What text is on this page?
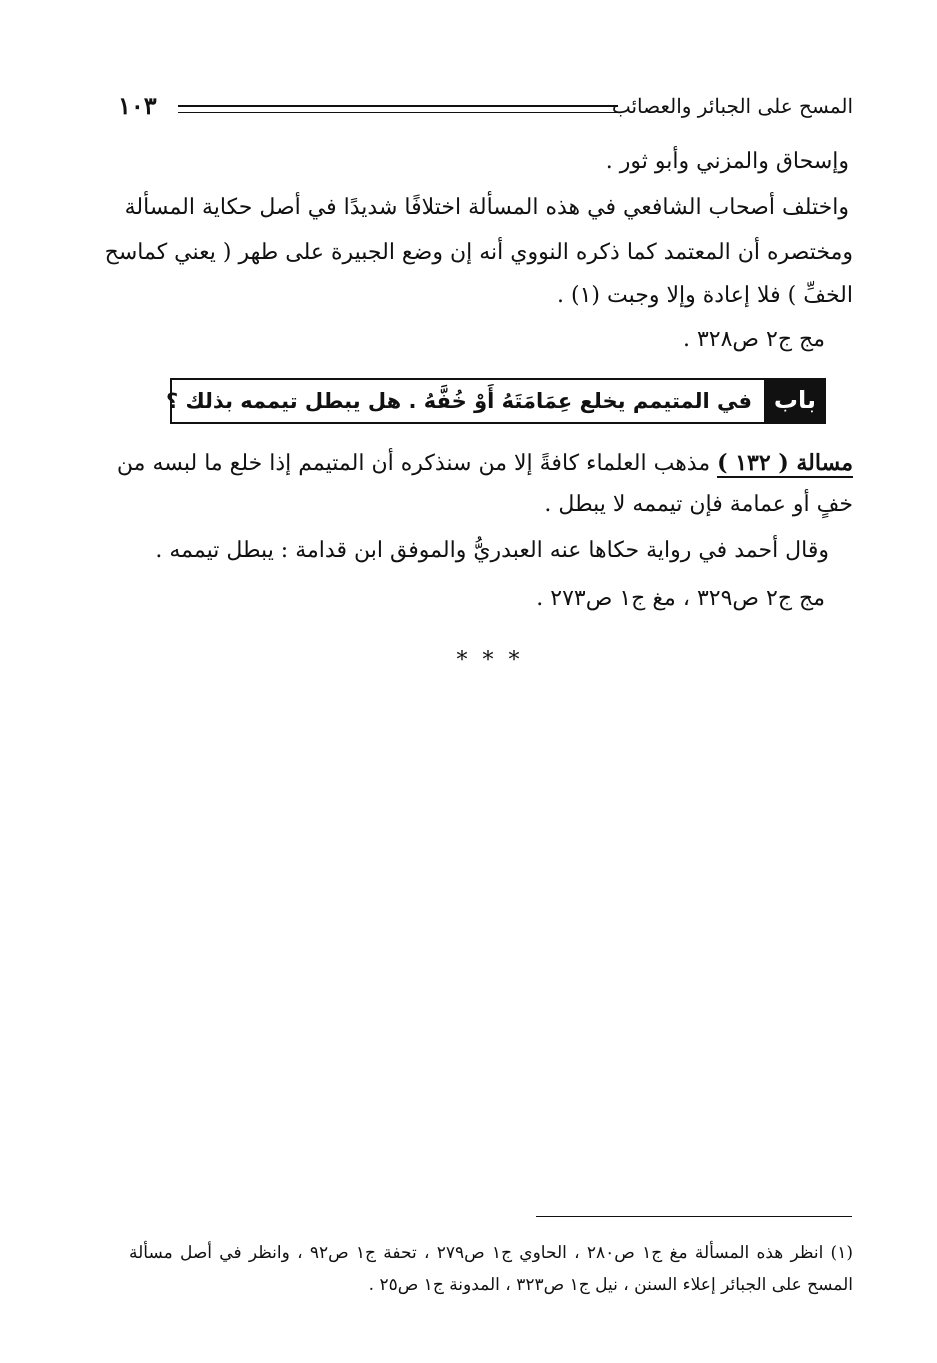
المسح على الجبائر والعصائب
١٠٣
وإسحاق والمزني وأبو ثور .
واختلف أصحاب الشافعي في هذه المسألة اختلافًا شديدًا في أصل حكاية المسألة
ومختصره أن المعتمد كما ذكره النووي أنه إن وضع الجبيرة على طهر ( يعني كماسح
الخفِّ ) فلا إعادة وإلا وجبت (١) .
مج ج٢ ص٣٢٨ .
باب
في المتيمم يخلع عِمَامَتَهُ أَوْ خُفَّهُ . هل يبطل تيممه بذلك ؟
مسالة ( ١٣٢ ) مذهب العلماء كافةً إلا من سنذكره أن المتيمم إذا خلع ما لبسه من
خفٍ أو عمامة فإن تيممه لا يبطل .
وقال أحمد في رواية حكاها عنه العبدريُّ والموفق ابن قدامة : يبطل تيممه .
مج ج٢ ص٣٢٩ ، مغ ج١ ص٢٧٣ .
* * *
(١) انظر هذه المسألة مغ ج١ ص٢٨٠ ، الحاوي ج١ ص٢٧٩ ، تحفة ج١ ص٩٢ ، وانظر في أصل مسألة
المسح على الجبائر إعلاء السنن ، نيل ج١ ص٣٢٣ ، المدونة ج١ ص٢٥ .
